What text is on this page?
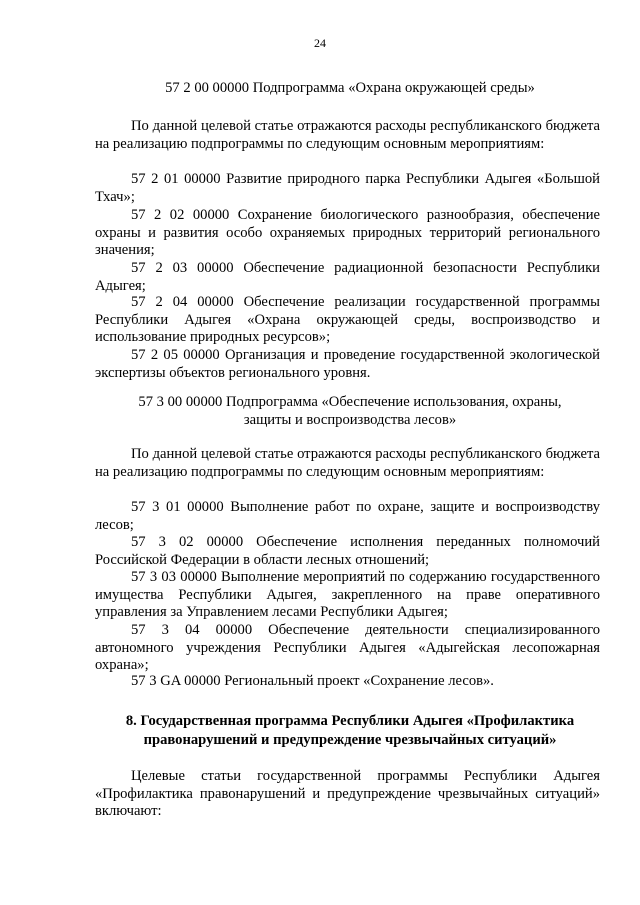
24
57 2 00 00000 Подпрограмма «Охрана окружающей среды»
По данной целевой статье отражаются расходы республиканского бюджета на реализацию подпрограммы по следующим основным мероприятиям:
57 2 01 00000 Развитие природного парка Республики Адыгея «Большой Тхач»;
57 2 02 00000 Сохранение биологического разнообразия, обеспечение охраны и развития особо охраняемых природных территорий регионального значения;
57 2 03 00000 Обеспечение радиационной безопасности Республики Адыгея;
57 2 04 00000 Обеспечение реализации государственной программы Республики Адыгея «Охрана окружающей среды, воспроизводство и использование природных ресурсов»;
57 2 05 00000 Организация и проведение государственной экологической экспертизы объектов регионального уровня.
57 3 00 00000 Подпрограмма «Обеспечение использования, охраны,
защиты и воспроизводства лесов»
По данной целевой статье отражаются расходы республиканского бюджета на реализацию подпрограммы по следующим основным мероприятиям:
57 3 01 00000 Выполнение работ по охране, защите и воспроизводству лесов;
57 3 02 00000 Обеспечение исполнения переданных полномочий Российской Федерации в области лесных отношений;
57 3 03 00000 Выполнение мероприятий по содержанию государственного имущества Республики Адыгея, закрепленного на праве оперативного управления за Управлением лесами Республики Адыгея;
57 3 04 00000 Обеспечение деятельности специализированного автономного учреждения Республики Адыгея «Адыгейская лесопожарная охрана»;
57 3 GA 00000 Региональный проект «Сохранение лесов».
8. Государственная программа Республики Адыгея «Профилактика
правонарушений и предупреждение чрезвычайных ситуаций»
Целевые статьи государственной программы Республики Адыгея «Профилактика правонарушений и предупреждение чрезвычайных ситуаций» включают:
